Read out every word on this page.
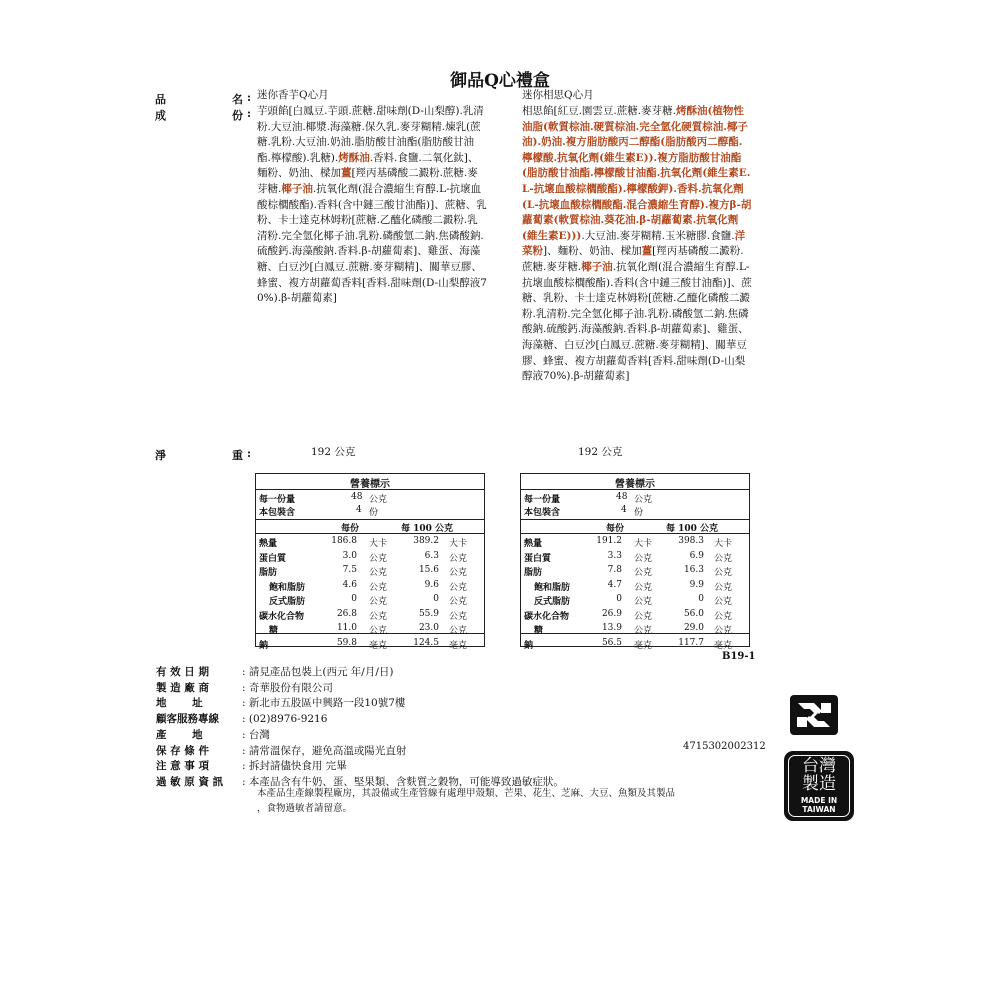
御品Q心禮盒
品	名 :
成	份 :
迷你香芋Q心月	迷你相思Q心月
芋頭餡[白鳳豆.芋頭.蔗糖.甜味劑(D-山梨醇).乳清粉.大豆油.椰漿.海藻糖.保久乳.麥芽糊精.煉乳(蔗糖.乳粉.大豆油.奶油.脂肪酸甘油酯(脂肪酸甘油酯.檸檬酸).乳糖).烤酥油.香料.食鹽.二氧化鈦]、麵粉、奶油、樑加薑[羥丙基磷酸二澱粉.蔗糖.麥芽糖.椰子油.抗氧化劑(混合濃縮生育醇.L-抗壞血酸棕櫚酸酯).香料(含中鏈三酸甘油酯)]、蔗糖、乳粉、卡士達克林姆粉[蔗糖.乙醯化磷酸二澱粉.乳清粉.完全氫化椰子油.乳粉.磷酸氫二鈉.焦磷酸鈉.硫酸鈣.海藻酸鈉.香料.β-胡蘿蔔素]、雞蛋、海藻糖、白豆沙[白鳳豆.蔗糖.麥芽糊精]、關華豆膠、蜂蜜、複方胡蘿蔔香料[香料.甜味劑(D-山梨醇液70%).β-胡蘿蔔素]
相思餡[紅豆.園雲豆.蔗糖.麥芽糖.烤酥油(植物性油脂(軟質棕油.硬質棕油.完全氫化硬質棕油.椰子油).奶油.複方脂肪酸丙二醇酯(脂肪酸丙二醇酯.檸檬酸.抗氧化劑(維生素E)).複方脂肪酸甘油酯(脂肪酸甘油酯.檸檬酸甘油酯.抗氧化劑(維生素E.L-抗壞血酸棕櫚酸酯).檸檬酸鉀).香料.抗氧化劑(L-抗壞血酸棕櫚酸酯.混合濃縮生育醇).複方β-胡蘿蔔素(軟質棕油.葵花油.β-胡蘿蔔素.抗氧化劑(維生素E))).大豆油.麥芽糊精.玉米糖膠.食鹽.洋菜粉]、麵粉、奶油、樑加薑[羥丙基磷酸二澱粉.蔗糖.麥芽糖.椰子油.抗氧化劑(混合濃縮生育醇.L-抗壞血酸棕櫚酸酯).香料(含中鏈三酸甘油酯)]、蔗糖、乳粉、卡士達克林姆粉[蔗糖.乙醯化磷酸二澱粉.乳清粉.完全氫化椰子油.乳粉.磷酸氫二鈉.焦磷酸鈉.硫酸鈣.海藻酸鈉.香料.β-胡蘿蔔素]、雞蛋、海藻糖、白豆沙[白鳳豆.蔗糖.麥芽糊精]、關華豆膠、蜂蜜、複方胡蘿蔔香料[香料.甜味劑(D-山梨醇液70%).β-胡蘿蔔素]
淨	重 :	192 公克	192 公克
營養標示
每一份量	48 公克
本包裝含	4 份
每份	每 100 公克
熱量	186.8 大卡	389.2 大卡
蛋白質	3.0 公克	6.3 公克
脂肪	7.5 公克	15.6 公克
飽和脂肪	4.6 公克	9.6 公克
反式脂肪	0 公克	0 公克
碳水化合物	26.8 公克	55.9 公克
糖	11.0 公克	23.0 公克
鈉	59.8 毫克	124.5 毫克
營養標示
每一份量	48 公克
本包裝含	4 份
每份	每 100 公克
熱量	191.2 大卡	398.3 大卡
蛋白質	3.3 公克	6.9 公克
脂肪	7.8 公克	16.3 公克
飽和脂肪	4.7 公克	9.9 公克
反式脂肪	0 公克	0 公克
碳水化合物	26.9 公克	56.0 公克
糖	13.9 公克	29.0 公克
鈉	56.5 毫克	117.7 毫克
B19-1
有 效 日 期	: 請見產品包裝上(西元 年/月/日)
製 造 廠 商	: 奇華股份有限公司
地       址	: 新北市五股區中興路一段10號7樓
顧客服務專線 : (02)8976-9216
產       地	: 台灣
保 存 條 件	: 請常溫保存，避免高溫或陽光直射
注 意 事 項	: 拆封請儘快食用 完畢
過 敏 原 資 訊 : 本產品含有牛奶、蛋、堅果類、含麩質之穀物，可能導致過敏症狀。
本產品生產線製程廠房，其設備或生產管線有處理甲殼類、芒果、花生、芝麻、大豆、魚類及其製品
，食物過敏者請留意。
4715302002312
台灣
製造
MADE IN
TAIWAN
